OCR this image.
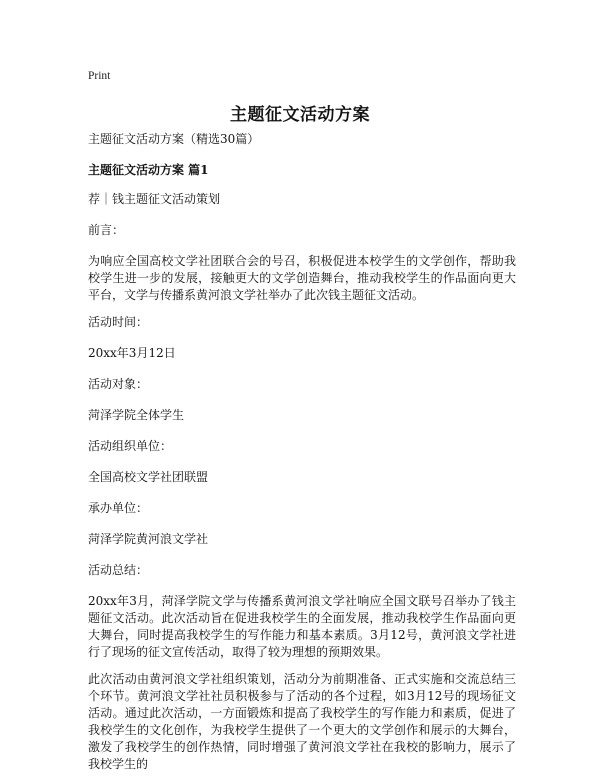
Print
主题征文活动方案

主题征文活动方案（精选30篇）

主题征文活动方案 篇1

荐｜钱主题征文活动策划

前言：

为响应全国高校文学社团联合会的号召，积极促进本校学生的文学创作，帮助我校学生进一步的发展，接触更大的文学创造舞台，推动我校学生的作品面向更大平台，文学与传播系黄河浪文学社举办了此次钱主题征文活动。

活动时间：

20xx年3月12日

活动对象：

菏泽学院全体学生

活动组织单位：

全国高校文学社团联盟

承办单位：

菏泽学院黄河浪文学社

活动总结：

20xx年3月，菏泽学院文学与传播系黄河浪文学社响应全国文联号召举办了钱主题征文活动。此次活动旨在促进我校学生的全面发展，推动我校学生作品面向更大舞台，同时提高我校学生的写作能力和基本素质。3月12号，黄河浪文学社进行了现场的征文宣传活动，取得了较为理想的预期效果。

此次活动由黄河浪文学社组织策划，活动分为前期准备、正式实施和交流总结三个环节。黄河浪文学社社员积极参与了活动的各个过程，如3月12号的现场征文活动。通过此次活动，一方面锻炼和提高了我校学生的写作能力和素质，促进了我校学生的文化创作，为我校学生提供了一个更大的文学创作和展示的大舞台，激发了我校学生的创作热情，同时增强了黄河浪文学社在我校的影响力，展示了我校学生的
